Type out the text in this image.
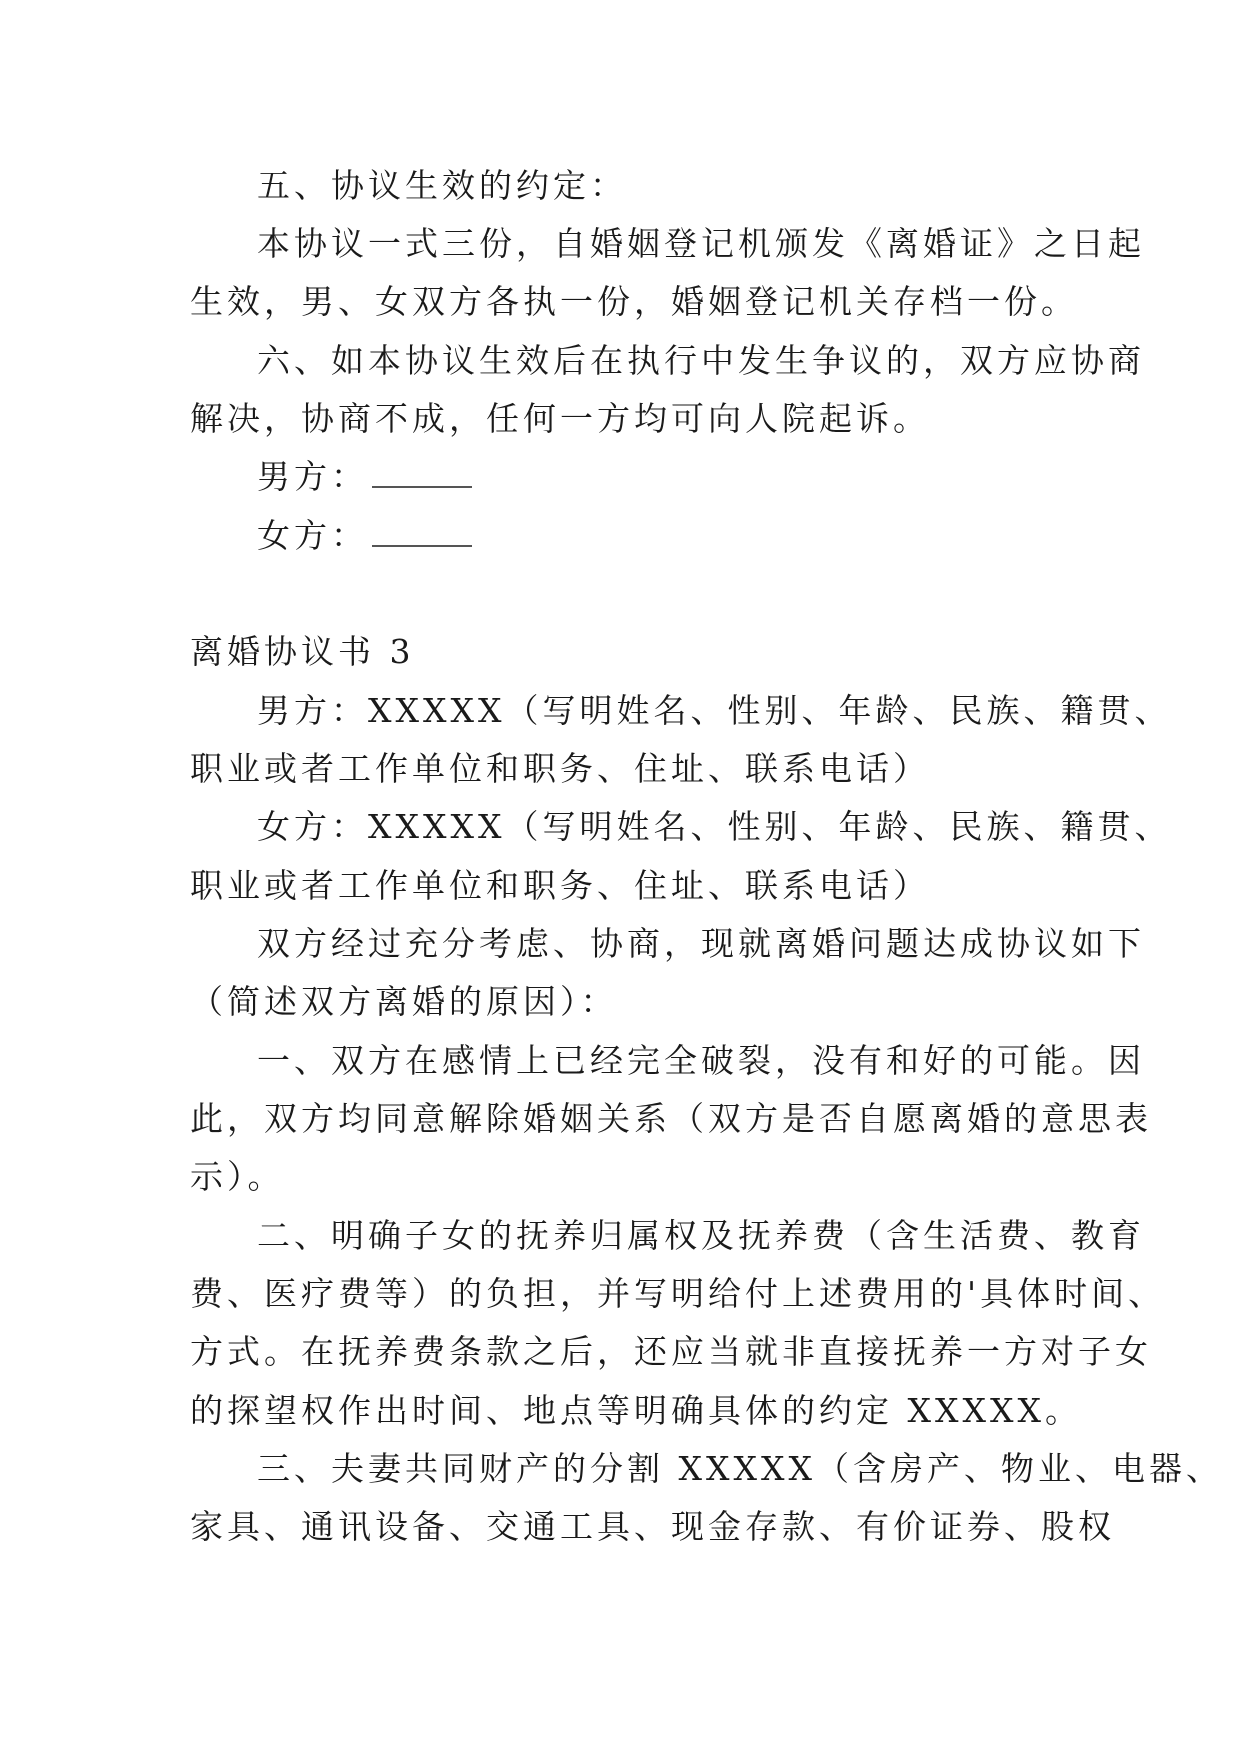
五、协议生效的约定：
本协议一式三份，自婚姻登记机颁发《离婚证》之日起
生效，男、女双方各执一份，婚姻登记机关存档一份。
六、如本协议生效后在执行中发生争议的，双方应协商
解决，协商不成，任何一方均可向人院起诉。
男方：
女方：
离婚协议书 3
男方：XXXXX（写明姓名、性别、年龄、民族、籍贯、
职业或者工作单位和职务、住址、联系电话）
女方：XXXXX（写明姓名、性别、年龄、民族、籍贯、
职业或者工作单位和职务、住址、联系电话）
双方经过充分考虑、协商，现就离婚问题达成协议如下
（简述双方离婚的原因）：
一、双方在感情上已经完全破裂，没有和好的可能。因
此，双方均同意解除婚姻关系（双方是否自愿离婚的意思表
示）。
二、明确子女的抚养归属权及抚养费（含生活费、教育
费、医疗费等）的负担，并写明给付上述费用的'具体时间、
方式。在抚养费条款之后，还应当就非直接抚养一方对子女
的探望权作出时间、地点等明确具体的约定 XXXXX。
三、夫妻共同财产的分割 XXXXX（含房产、物业、电器、
家具、通讯设备、交通工具、现金存款、有价证券、股权
